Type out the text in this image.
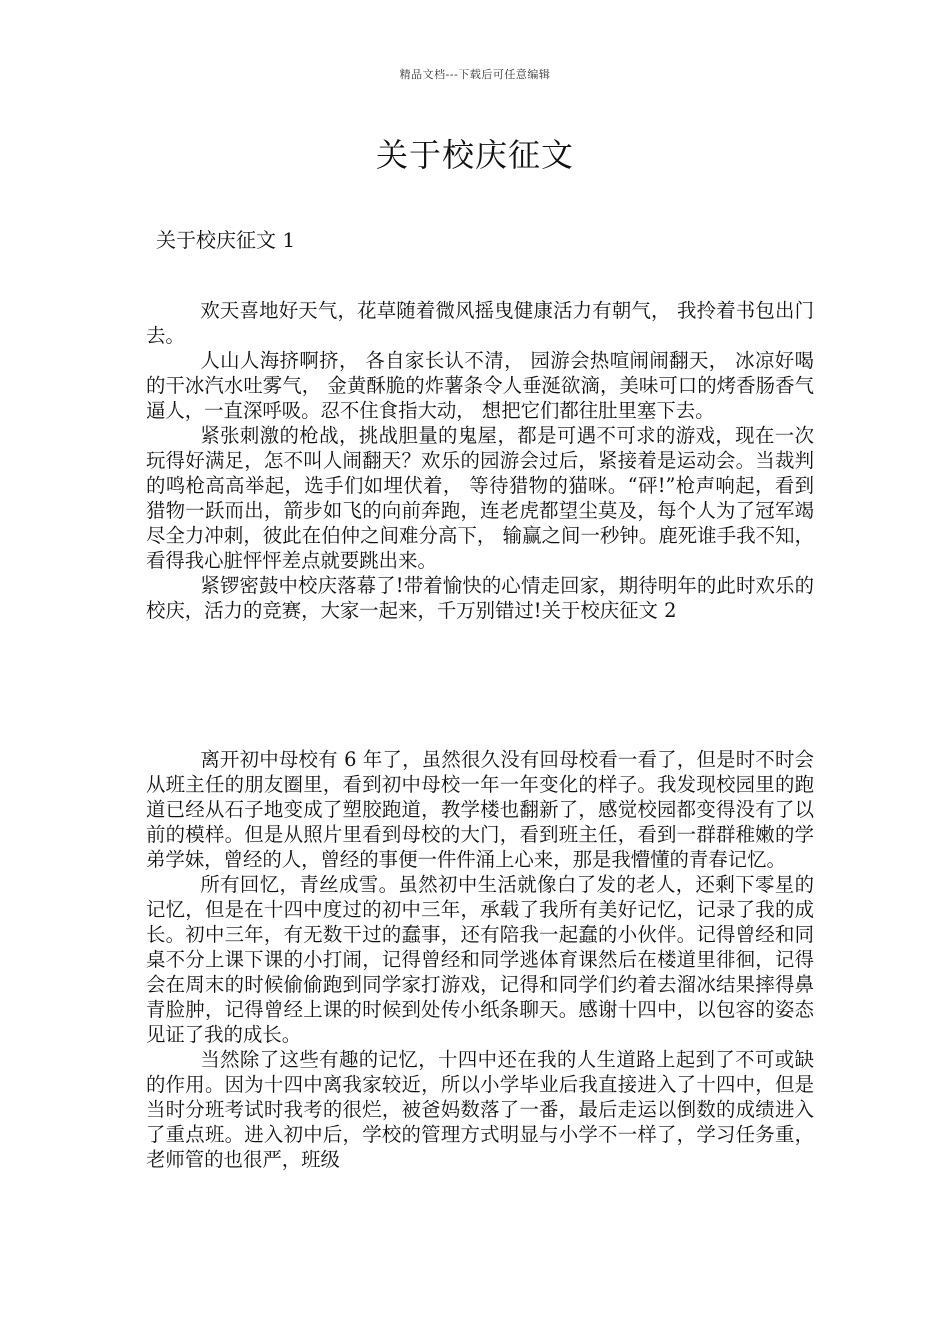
精品文档---下载后可任意编辑
关于校庆征文
关于校庆征文 1

欢天喜地好天气，花草随着微风摇曳健康活力有朝气， 我拎着书包出门去。

人山人海挤啊挤， 各自家长认不清， 园游会热喧闹闹翻天， 冰凉好喝的干冰汽水吐雾气， 金黄酥脆的炸薯条令人垂涎欲滴，美味可口的烤香肠香气逼人，一直深呼吸。忍不住食指大动， 想把它们都往肚里塞下去。

紧张刺激的枪战，挑战胆量的鬼屋，都是可遇不可求的游戏，现在一次玩得好满足，怎不叫人闹翻天？欢乐的园游会过后，紧接着是运动会。当裁判的鸣枪高高举起，选手们如埋伏着， 等待猎物的猫咪。“砰!”枪声响起，看到猎物一跃而出，箭步如飞的向前奔跑，连老虎都望尘莫及，每个人为了冠军竭尽全力冲刺，彼此在伯仲之间难分高下， 输赢之间一秒钟。鹿死谁手我不知，看得我心脏怦怦差点就要跳出来。

紧锣密鼓中校庆落幕了!带着愉快的心情走回家，期待明年的此时欢乐的校庆，活力的竞赛，大家一起来，千万别错过!关于校庆征文 2

离开初中母校有 6 年了，虽然很久没有回母校看一看了，但是时不时会从班主任的朋友圈里，看到初中母校一年一年变化的样子。我发现校园里的跑道已经从石子地变成了塑胶跑道，教学楼也翻新了，感觉校园都变得没有了以前的模样。但是从照片里看到母校的大门，看到班主任，看到一群群稚嫩的学弟学妹，曾经的人，曾经的事便一件件涌上心来，那是我懵懂的青春记忆。

所有回忆，青丝成雪。虽然初中生活就像白了发的老人，还剩下零星的记忆，但是在十四中度过的初中三年，承载了我所有美好记忆，记录了我的成长。初中三年，有无数干过的蠢事，还有陪我一起蠢的小伙伴。记得曾经和同桌不分上课下课的小打闹，记得曾经和同学逃体育课然后在楼道里徘徊，记得会在周末的时候偷偷跑到同学家打游戏，记得和同学们约着去溜冰结果摔得鼻青脸肿，记得曾经上课的时候到处传小纸条聊天。感谢十四中，以包容的姿态见证了我的成长。

当然除了这些有趣的记忆，十四中还在我的人生道路上起到了不可或缺的作用。因为十四中离我家较近，所以小学毕业后我直接进入了十四中，但是当时分班考试时我考的很烂，被爸妈数落了一番，最后走运以倒数的成绩进入了重点班。进入初中后，学校的管理方式明显与小学不一样了，学习任务重，老师管的也很严，班级
